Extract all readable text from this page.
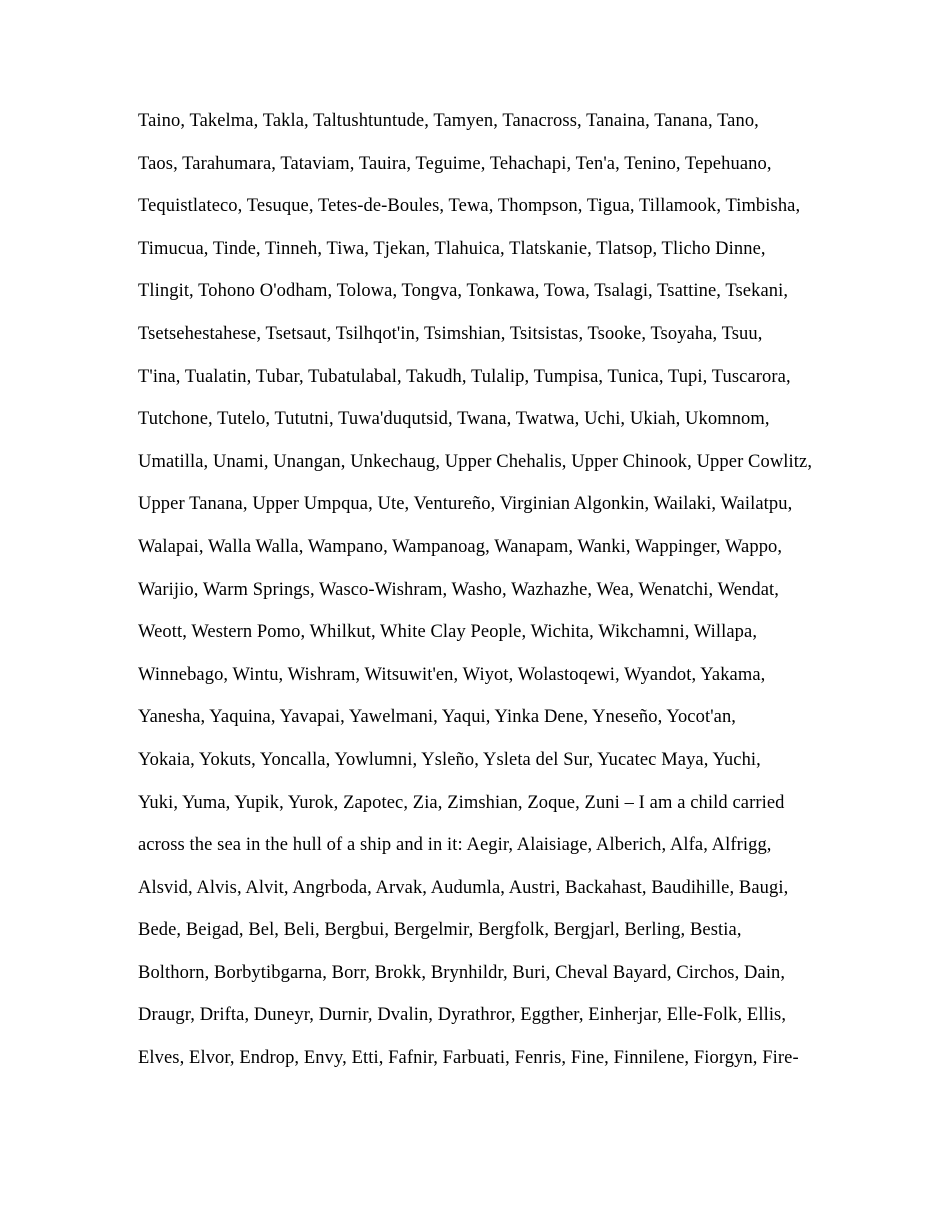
Taino, Takelma, Takla, Taltushtuntude, Tamyen, Tanacross, Tanaina, Tanana, Tano,
Taos, Tarahumara, Tataviam, Tauira, Teguime, Tehachapi, Ten'a, Tenino, Tepehuano,
Tequistlateco, Tesuque, Tetes-de-Boules, Tewa, Thompson, Tigua, Tillamook, Timbisha,
Timucua, Tinde, Tinneh, Tiwa, Tjekan, Tlahuica, Tlatskanie, Tlatsop, Tlicho Dinne,
Tlingit, Tohono O'odham, Tolowa, Tongva, Tonkawa, Towa, Tsalagi, Tsattine, Tsekani,
Tsetsehestahese, Tsetsaut, Tsilhqot'in, Tsimshian, Tsitsistas, Tsooke, Tsoyaha, Tsuu,
T'ina, Tualatin, Tubar, Tubatulabal, Takudh, Tulalip, Tumpisa, Tunica, Tupi, Tuscarora,
Tutchone, Tutelo, Tututni, Tuwa'duqutsid, Twana, Twatwa, Uchi, Ukiah, Ukomnom,
Umatilla, Unami, Unangan, Unkechaug, Upper Chehalis, Upper Chinook, Upper Cowlitz,
Upper Tanana, Upper Umpqua, Ute, Ventureño, Virginian Algonkin, Wailaki, Wailatpu,
Walapai, Walla Walla, Wampano, Wampanoag, Wanapam, Wanki, Wappinger, Wappo,
Warijio, Warm Springs, Wasco-Wishram, Washo, Wazhazhe, Wea, Wenatchi, Wendat,
Weott, Western Pomo, Whilkut, White Clay People, Wichita, Wikchamni, Willapa,
Winnebago, Wintu, Wishram, Witsuwit'en, Wiyot, Wolastoqewi, Wyandot, Yakama,
Yanesha, Yaquina, Yavapai, Yawelmani, Yaqui, Yinka Dene, Yneseño, Yocot'an,
Yokaia, Yokuts, Yoncalla, Yowlumni, Ysleño, Ysleta del Sur, Yucatec Maya, Yuchi,
Yuki, Yuma, Yupik, Yurok, Zapotec, Zia, Zimshian, Zoque, Zuni – I am a child carried
across the sea in the hull of a ship and in it: Aegir, Alaisiage, Alberich, Alfa, Alfrigg,
Alsvid, Alvis, Alvit, Angrboda, Arvak, Audumla, Austri, Backahast, Baudihille, Baugi,
Bede, Beigad, Bel, Beli, Bergbui, Bergelmir, Bergfolk, Bergjarl, Berling, Bestia,
Bolthorn, Borbytibgarna, Borr, Brokk, Brynhildr, Buri, Cheval Bayard, Circhos, Dain,
Draugr, Drifta, Duneyr, Durnir, Dvalin, Dyrathror, Eggther, Einherjar, Elle-Folk, Ellis,
Elves, Elvor, Endrop, Envy, Etti, Fafnir, Farbuati, Fenris, Fine, Finnilene, Fiorgyn, Fire-
